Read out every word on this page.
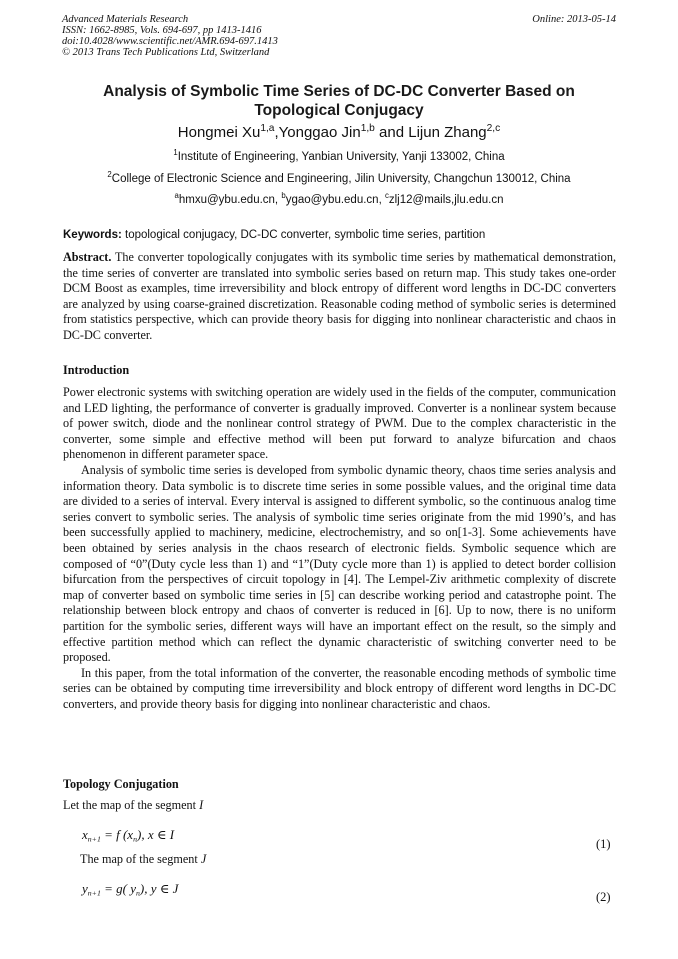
Advanced Materials Research
ISSN: 1662-8985, Vols. 694-697, pp 1413-1416
doi:10.4028/www.scientific.net/AMR.694-697.1413
© 2013 Trans Tech Publications Ltd, Switzerland
Online: 2013-05-14
Analysis of Symbolic Time Series of DC-DC Converter Based on
Topological Conjugacy
Hongmei Xu$^{1,a}$,Yonggao Jin$^{1,b}$ and Lijun Zhang$^{2,c}$
$^1$Institute of Engineering, Yanbian University, Yanji 133002, China
$^2$College of Electronic Science and Engineering, Jilin University, Changchun 130012, China
$^a$hmxu@ybu.edu.cn, $^b$ygao@ybu.edu.cn, $^c$zlj12@mails,jlu.edu.cn
Keywords: topological conjugacy, DC-DC converter, symbolic time series, partition

Abstract. The converter topologically conjugates with its symbolic time series by mathematical demonstration, the time series of converter are translated into symbolic series based on return map. This study takes one-order DCM Boost as examples, time irreversibility and block entropy of different word lengths in DC-DC converters are analyzed by using coarse-grained discretization. Reasonable coding method of symbolic series is determined from statistics perspective, which can provide theory basis for digging into nonlinear characteristic and chaos in DC-DC converter.

Introduction

Power electronic systems with switching operation are widely used in the fields of the computer, communication and LED lighting, the performance of converter is gradually improved. Converter is a nonlinear system because of power switch, diode and the nonlinear control strategy of PWM. Due to the complex characteristic in the converter, some simple and effective method will been put forward to analyze bifurcation and chaos phenomenon in different parameter space.

Analysis of symbolic time series is developed from symbolic dynamic theory, chaos time series analysis and information theory. Data symbolic is to discrete time series in some possible values, and the original time data are divided to a series of interval. Every interval is assigned to different symbolic, so the continuous analog time series convert to symbolic series. The analysis of symbolic time series originate from the mid 1990’s, and has been successfully applied to machinery, medicine, electrochemistry, and so on[1-3]. Some achievements have been obtained by series analysis in the chaos research of electronic fields. Symbolic sequence which are composed of “0”(Duty cycle less than 1) and “1”(Duty cycle more than 1) is applied to detect border collision bifurcation from the perspectives of circuit topology in [4]. The Lempel-Ziv arithmetic complexity of discrete map of converter based on symbolic time series in [5] can describe working period and catastrophe point. The relationship between block entropy and chaos of converter is reduced in [6]. Up to now, there is no uniform partition for the symbolic series, different ways will have an important effect on the result, so the simply and effective partition method which can reflect the dynamic characteristic of switching converter need to be proposed.

In this paper, from the total information of the converter, the reasonable encoding methods of symbolic time series can be obtained by computing time irreversibility and block entropy of different word lengths in DC-DC converters, and provide theory basis for digging into nonlinear characteristic and chaos.

Topology Conjugation
Let the map of the segment I
$x_{n+1} = f$ $(x_n)$, x ∈ I
(1)
The map of the segment J
$y_{n+1} = g$( $y_n$), y ∈ J
(2)
